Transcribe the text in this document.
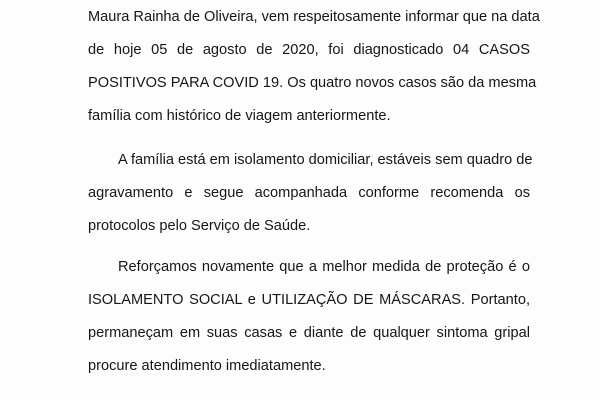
Maura Rainha de Oliveira, vem respeitosamente informar que na data
de hoje 05 de agosto de 2020, foi diagnosticado 04 CASOS
POSITIVOS PARA COVID 19. Os quatro novos casos são da mesma
família com histórico de viagem anteriormente.
A família está em isolamento domiciliar, estáveis sem quadro de
agravamento e segue acompanhada conforme recomenda os
protocolos pelo Serviço de Saúde.
Reforçamos novamente que a melhor medida de proteção é o
ISOLAMENTO SOCIAL e UTILIZAÇÃO DE MÁSCARAS. Portanto,
permaneçam em suas casas e diante de qualquer sintoma gripal
procure atendimento imediatamente.
